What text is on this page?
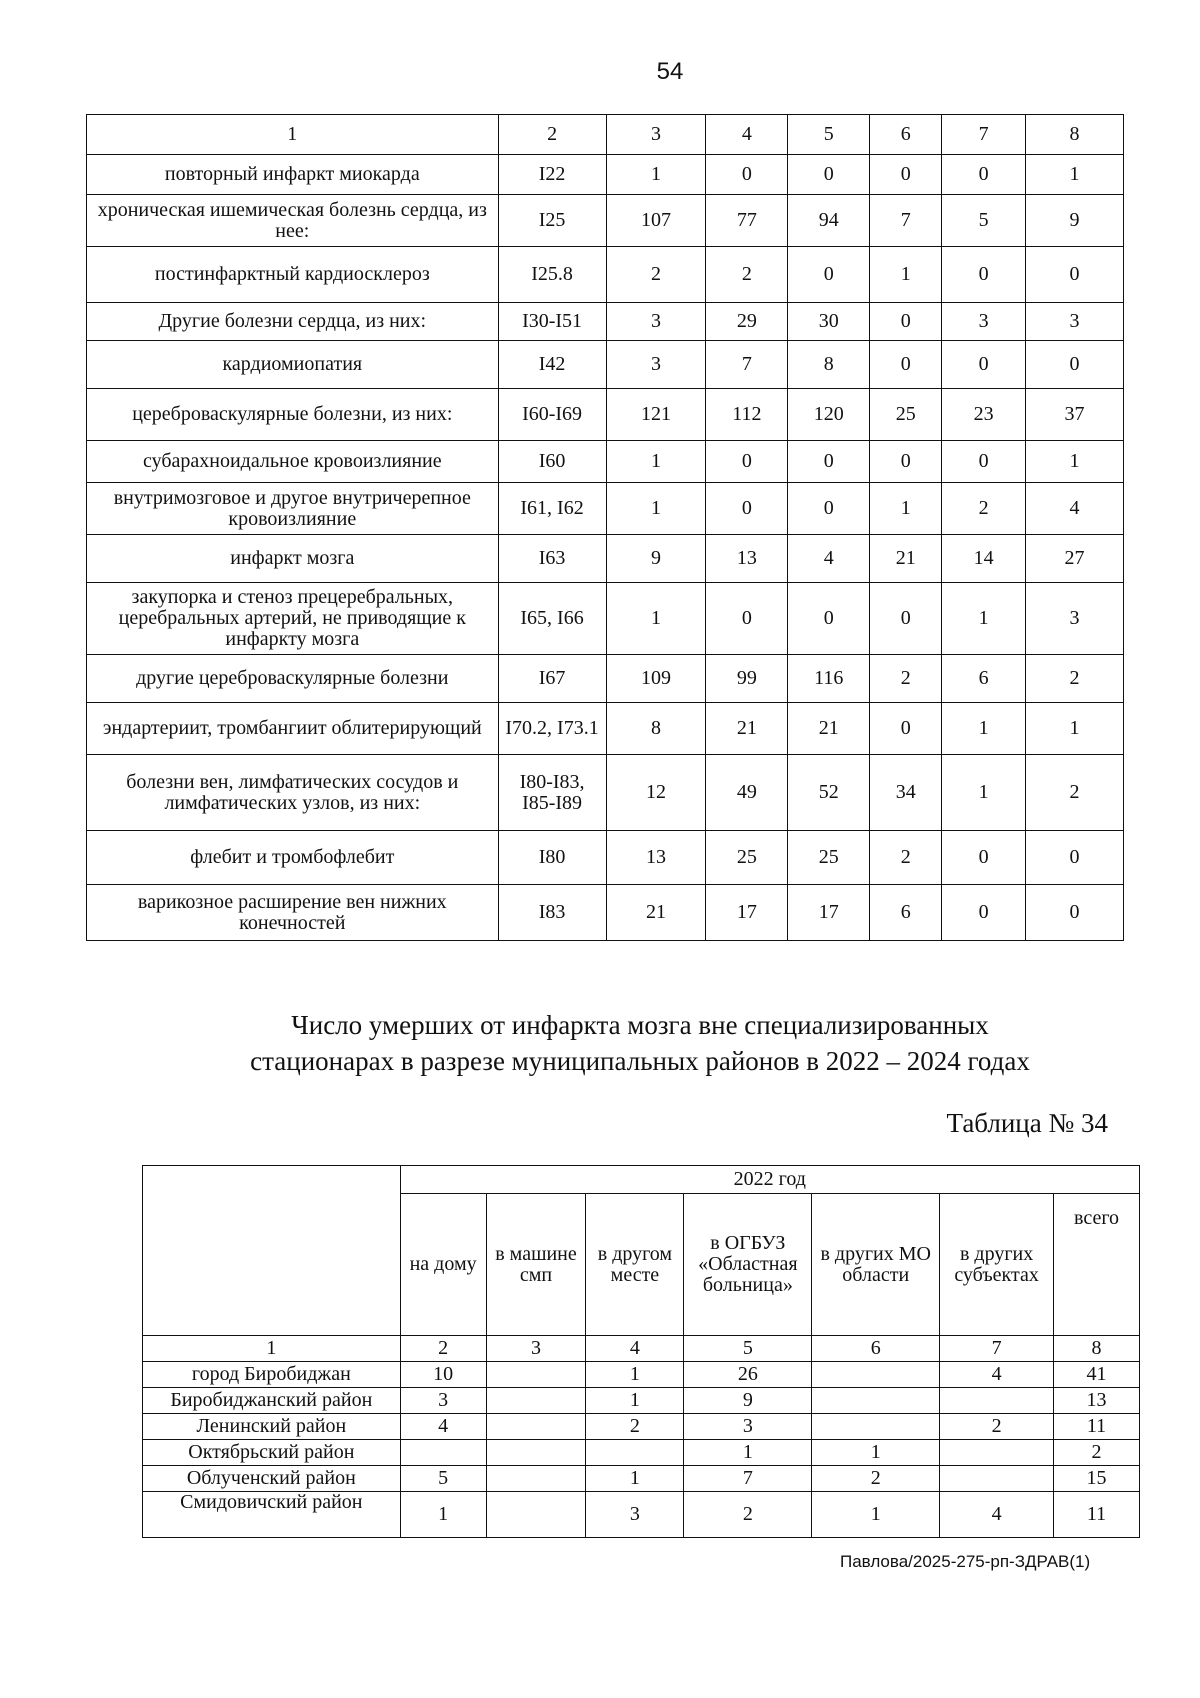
54
1	2	3	4	5	6	7	8
повторный инфаркт миокарда	I22	1	0	0	0	0	1
хроническая ишемическая болезнь сердца, из нее:	I25	107	77	94	7	5	9
постинфарктный кардиосклероз	I25.8	2	2	0	1	0	0
Другие болезни сердца, из них:	I30-I51	3	29	30	0	3	3
кардиомиопатия	I42	3	7	8	0	0	0
цереброваскулярные болезни, из них:	I60-I69	121	112	120	25	23	37
субарахноидальное кровоизлияние	I60	1	0	0	0	0	1
внутримозговое и другое внутричерепное кровоизлияние	I61, I62	1	0	0	1	2	4
инфаркт мозга	I63	9	13	4	21	14	27
закупорка и стеноз прецеребральных, церебральных артерий, не приводящие к инфаркту мозга	I65, I66	1	0	0	0	1	3
другие цереброваскулярные болезни	I67	109	99	116	2	6	2
эндартериит, тромбангиит облитерирующий	I70.2, I73.1	8	21	21	0	1	1
болезни вен, лимфатических сосудов и лимфатических узлов, из них:	I80-I83, I85-I89	12	49	52	34	1	2
флебит и тромбофлебит	I80	13	25	25	2	0	0
варикозное расширение вен нижних конечностей	I83	21	17	17	6	0	0
Число умерших от инфаркта мозга вне специализированных стационарах в разрезе муниципальных районов в 2022 – 2024 годах
Таблица № 34
	2022 год						
	на дому	в машине смп	в другом месте	в ОГБУЗ «Областная больница»	в других МО области	в других субъектах	всего
1	2	3	4	5	6	7	8
город Биробиджан	10		1	26		4	41
Биробиджанский район	3		1	9			13
Ленинский район	4		2	3		2	11
Октябрьский район				1	1		2
Облученский район	5		1	7	2		15
Смидовичский район	1		3	2	1	4	11
Павлова/2025-275-рп-ЗДРАВ(1)
